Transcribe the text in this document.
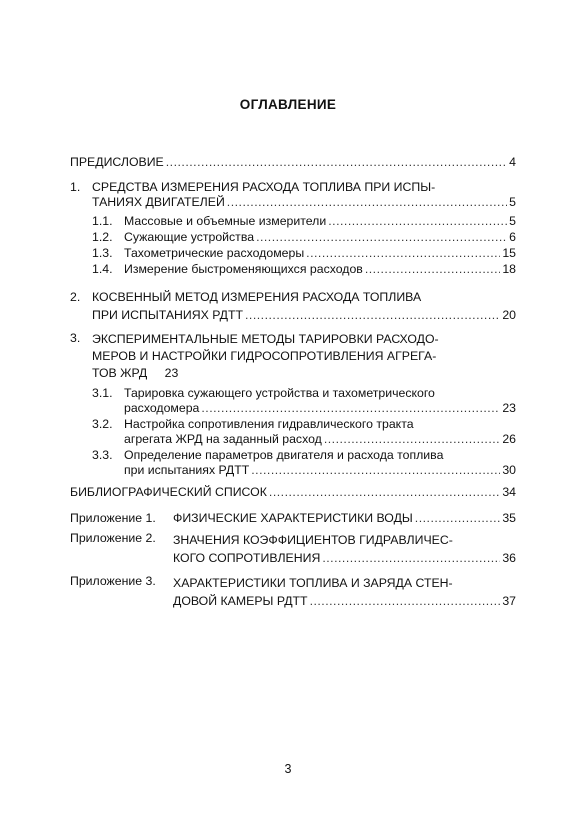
ОГЛАВЛЕНИЕ
ПРЕДИСЛОВИЕ .....	4
1. СРЕДСТВА ИЗМЕРЕНИЯ РАСХОДА ТОПЛИВА ПРИ ИСПЫ-
ТАНИЯХ ДВИГАТЕЛЕЙ .....	5
1.1. Массовые и объемные измерители .....	5
1.2. Сужающие устройства .....	6
1.3. Тахометрические расходомеры .....	15
1.4. Измерение быстроменяющихся расходов .....	18
2. КОСВЕННЫЙ МЕТОД ИЗМЕРЕНИЯ РАСХОДА ТОПЛИВА
ПРИ ИСПЫТАНИЯХ РДТТ .....	20
3. ЭКСПЕРИМЕНТАЛЬНЫЕ МЕТОДЫ ТАРИРОВКИ РАСХОДО-
МЕРОВ И НАСТРОЙКИ ГИДРОСОПРОТИВЛЕНИЯ АГРЕГА-
ТОВ ЖРД 23
3.1. Тарировка сужающего устройства и тахометрического
расходомера .....	23
3.2. Настройка сопротивления гидравлического тракта
агрегата ЖРД на заданный расход .....	26
3.3. Определение параметров двигателя и расхода топлива
при испытаниях РДТТ .....	30
БИБЛИОГРАФИЧЕСКИЙ СПИСОК .....	34
Приложение 1. ФИЗИЧЕСКИЕ ХАРАКТЕРИСТИКИ ВОДЫ .....	35
Приложение 2. ЗНАЧЕНИЯ КОЭФФИЦИЕНТОВ ГИДРАВЛИЧЕС-
КОГО СОПРОТИВЛЕНИЯ .....	36
Приложение 3. ХАРАКТЕРИСТИКИ ТОПЛИВА И ЗАРЯДА СТЕН-
ДОВОЙ КАМЕРЫ РДТТ .....	37
3
